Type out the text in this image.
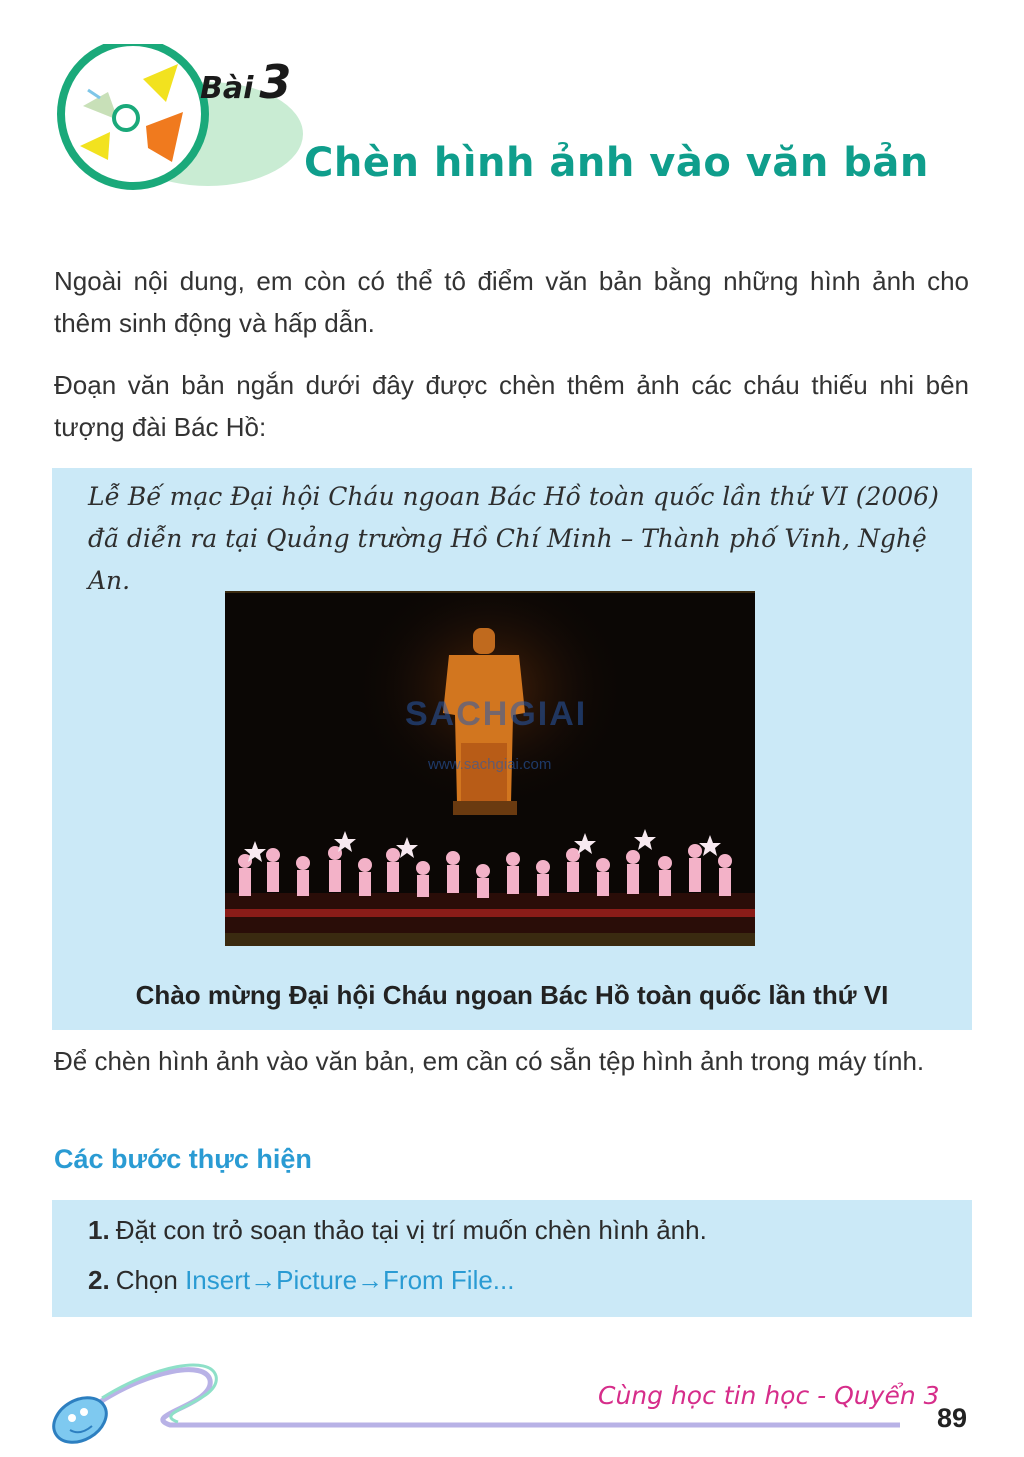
Bài 3
Chèn hình ảnh vào văn bản
Ngoài nội dung, em còn có thể tô điểm văn bản bằng những hình ảnh cho thêm sinh động và hấp dẫn.
Đoạn văn bản ngắn dưới đây được chèn thêm ảnh các cháu thiếu nhi bên tượng đài Bác Hồ:
Lễ Bế mạc Đại hội Cháu ngoan Bác Hồ toàn quốc lần thứ VI (2006)
đã diễn ra tại Quảng trường Hồ Chí Minh – Thành phố Vinh, Nghệ An.
SACHGIAI
www.sachgiai.com
Chào mừng Đại hội Cháu ngoan Bác Hồ toàn quốc lần thứ VI
Để chèn hình ảnh vào văn bản, em cần có sẵn tệp hình ảnh trong máy tính.
Các bước thực hiện
1. Đặt con trỏ soạn thảo tại vị trí muốn chèn hình ảnh.
2. Chọn Insert→Picture→From File...
Cùng học tin học - Quyển 3
89
